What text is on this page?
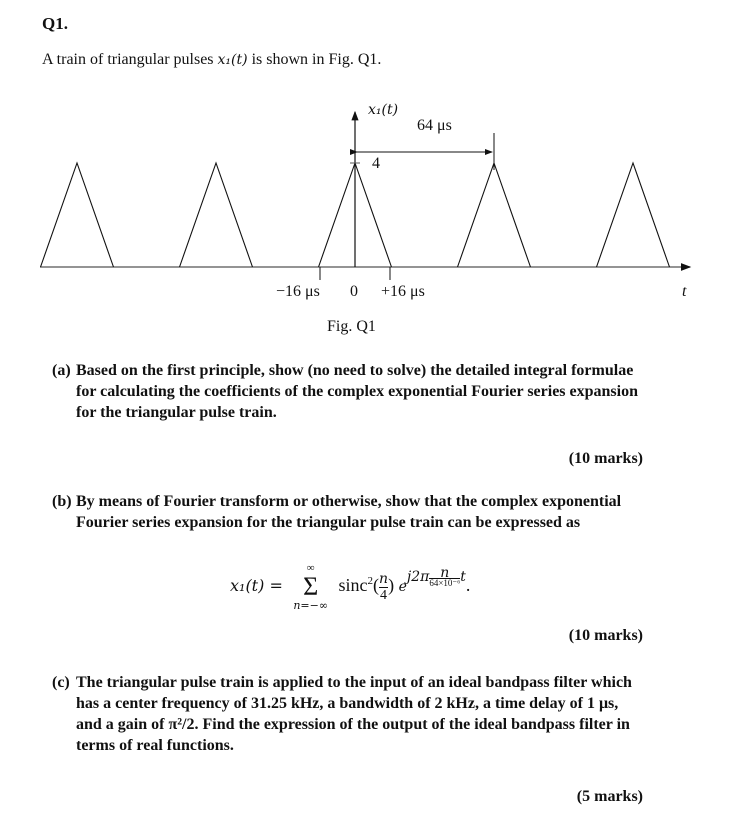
Q1.
A train of triangular pulses x₁(t) is shown in Fig. Q1.
x₁(t)
64 μs
4
−16 μs 0 +16 μs	t
Fig. Q1
(a) Based on the first principle, show (no need to solve) the detailed integral formulae for calculating the coefficients of the complex exponential Fourier series expansion for the triangular pulse train.
(10 marks)
(b) By means of Fourier transform or otherwise, show that the complex exponential Fourier series expansion for the triangular pulse train can be expressed as
x₁(t) =
∞
Σ
n=−∞
$\sin c^2( \frac{n}{4}$ ) $e^{j2\pi \frac{n}{\text{64×10⁻⁶}} t}$.
(10 marks)
(c) The triangular pulse train is applied to the input of an ideal bandpass filter which has a center frequency of 31.25 kHz, a bandwidth of 2 kHz, a time delay of 1 μs, and a gain of π²/2. Find the expression of the output of the ideal bandpass filter in terms of real functions.
(5 marks)
